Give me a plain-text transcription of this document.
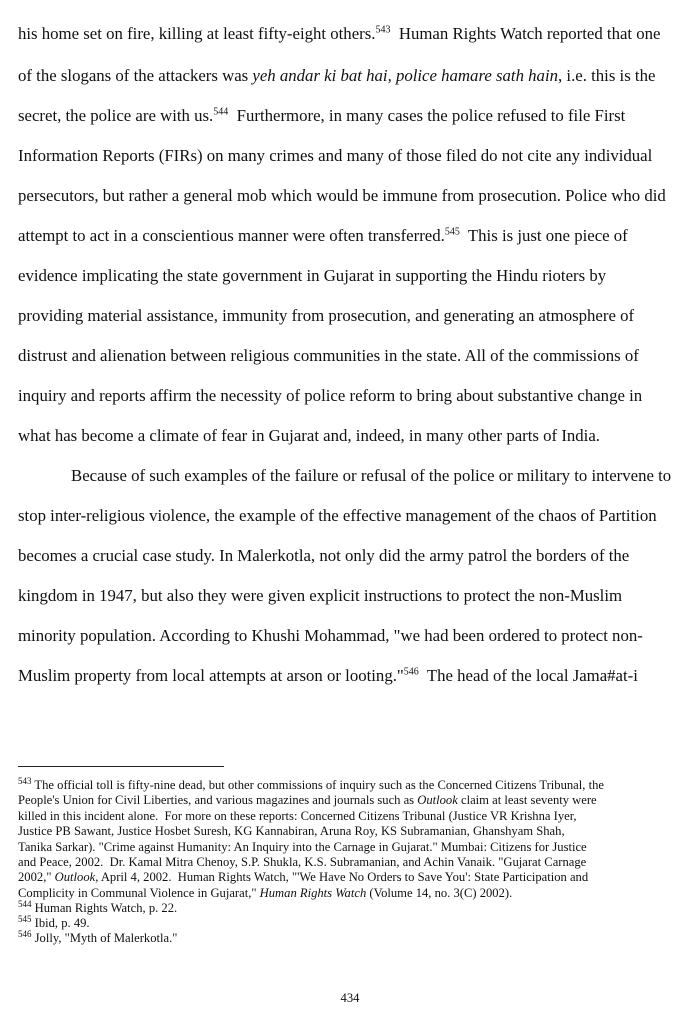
his home set on fire, killing at least fifty-eight others.$^{543}$  Human Rights Watch reported that one
of the slogans of the attackers was yeh andar ki bat hai, police hamare sath hain, i.e. this is the
secret, the police are with us.$^{544}$  Furthermore, in many cases the police refused to file First
Information Reports (FIRs) on many crimes and many of those filed do not cite any individual
persecutors, but rather a general mob which would be immune from prosecution. Police who did
attempt to act in a conscientious manner were often transferred.$^{545}$  This is just one piece of
evidence implicating the state government in Gujarat in supporting the Hindu rioters by
providing material assistance, immunity from prosecution, and generating an atmosphere of
distrust and alienation between religious communities in the state. All of the commissions of
inquiry and reports affirm the necessity of police reform to bring about substantive change in
what has become a climate of fear in Gujarat and, indeed, in many other parts of India.
Because of such examples of the failure or refusal of the police or military to intervene to
stop inter-religious violence, the example of the effective management of the chaos of Partition
becomes a crucial case study. In Malerkotla, not only did the army patrol the borders of the
kingdom in 1947, but also they were given explicit instructions to protect the non-Muslim
minority population. According to Khushi Mohammad, "we had been ordered to protect non-
Muslim property from local attempts at arson or looting."$^{546}$  The head of the local Jama#at-i
$^{543}$ The official toll is fifty-nine dead, but other commissions of inquiry such as the Concerned Citizens Tribunal, the
People's Union for Civil Liberties, and various magazines and journals such as Outlook claim at least seventy were
killed in this incident alone.  For more on these reports: Concerned Citizens Tribunal (Justice VR Krishna Iyer,
Justice PB Sawant, Justice Hosbet Suresh, KG Kannabiran, Aruna Roy, KS Subramanian, Ghanshyam Shah,
Tanika Sarkar). "Crime against Humanity: An Inquiry into the Carnage in Gujarat." Mumbai: Citizens for Justice
and Peace, 2002.  Dr. Kamal Mitra Chenoy, S.P. Shukla, K.S. Subramanian, and Achin Vanaik. "Gujarat Carnage
2002," Outlook, April 4, 2002.  Human Rights Watch, "'We Have No Orders to Save You': State Participation and
Complicity in Communal Violence in Gujarat," Human Rights Watch (Volume 14, no. 3(C) 2002).
$^{544}$ Human Rights Watch, p. 22.
$^{545}$ Ibid, p. 49.
$^{546}$ Jolly, "Myth of Malerkotla."
434
